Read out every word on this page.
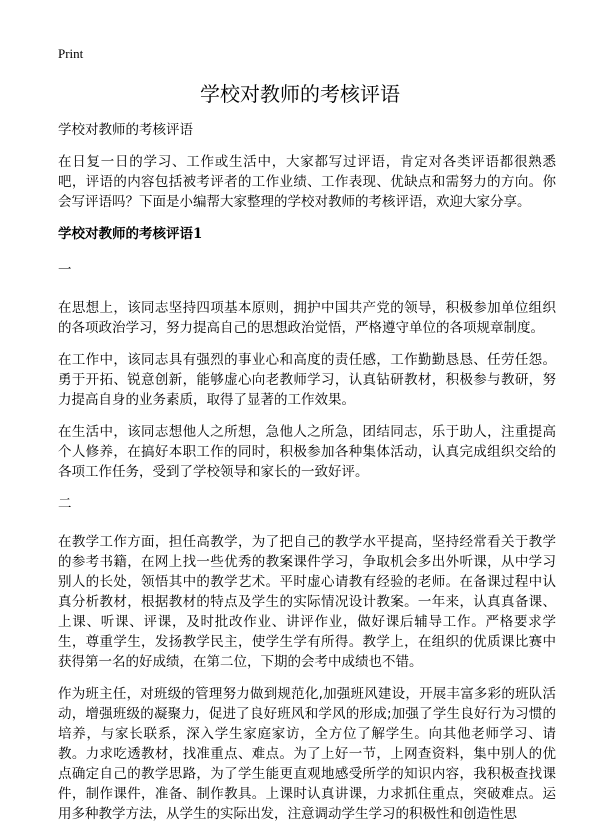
Print
学校对教师的考核评语

学校对教师的考核评语

在日复一日的学习、工作或生活中，大家都写过评语，肯定对各类评语都很熟悉吧，评语的内容包括被考评者的工作业绩、工作表现、优缺点和需努力的方向。你会写评语吗？下面是小编帮大家整理的学校对教师的考核评语，欢迎大家分享。

学校对教师的考核评语1

一

在思想上，该同志坚持四项基本原则，拥护中国共产党的领导，积极参加单位组织的各项政治学习，努力提高自己的思想政治觉悟，严格遵守单位的各项规章制度。

在工作中，该同志具有强烈的事业心和高度的责任感，工作勤勤恳恳、任劳任怨。勇于开拓、锐意创新，能够虚心向老教师学习，认真钻研教材，积极参与教研，努力提高自身的业务素质，取得了显著的工作效果。

在生活中，该同志想他人之所想，急他人之所急，团结同志，乐于助人，注重提高个人修养，在搞好本职工作的同时，积极参加各种集体活动，认真完成组织交给的各项工作任务，受到了学校领导和家长的一致好评。

二

在教学工作方面，担任高教学，为了把自己的教学水平提高，坚持经常看关于教学的参考书籍，在网上找一些优秀的教案课件学习，争取机会多出外听课，从中学习别人的长处，领悟其中的教学艺术。平时虚心请教有经验的老师。在备课过程中认真分析教材，根据教材的特点及学生的实际情况设计教案。一年来，认真真备课、上课、听课、评课，及时批改作业、讲评作业，做好课后辅导工作。严格要求学生，尊重学生，发扬教学民主，使学生学有所得。教学上，在组织的优质课比赛中获得第一名的好成绩，在第二位，下期的会考中成绩也不错。

作为班主任，对班级的管理努力做到规范化,加强班风建设，开展丰富多彩的班队活动，增强班级的凝聚力，促进了良好班风和学风的形成;加强了学生良好行为习惯的培养，与家长联系，深入学生家庭家访，全方位了解学生。向其他老师学习、请教。力求吃透教材，找准重点、难点。为了上好一节，上网查资料，集中别人的优点确定自己的教学思路，为了学生能更直观地感受所学的知识内容，我积极查找课件，制作课件，准备、制作教具。上课时认真讲课，力求抓住重点，突破难点。运用多种教学方法，从学生的实际出发，注意调动学生学习的积极性和创造性思
